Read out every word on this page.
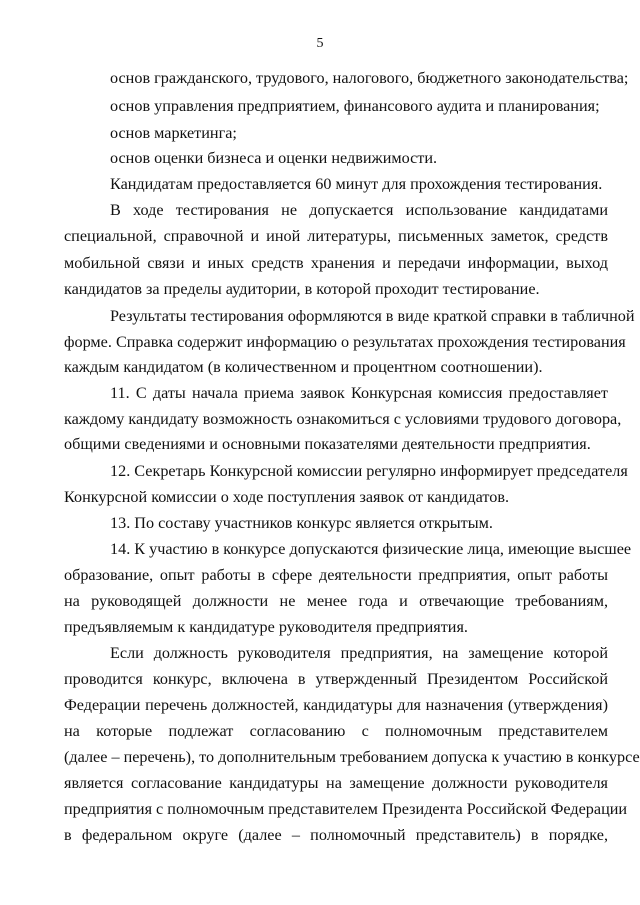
5
основ гражданского, трудового, налогового, бюджетного законодательства;
основ управления предприятием, финансового аудита и планирования;
основ маркетинга;
основ оценки бизнеса и оценки недвижимости.
Кандидатам предоставляется 60 минут для прохождения тестирования.
В ходе тестирования не допускается использование кандидатами
специальной, справочной и иной литературы, письменных заметок, средств
мобильной связи и иных средств хранения и передачи информации, выход
кандидатов за пределы аудитории, в которой проходит тестирование.
Результаты тестирования оформляются в виде краткой справки в табличной
форме. Справка содержит информацию о результатах прохождения тестирования
каждым кандидатом (в количественном и процентном соотношении).
11. С даты начала приема заявок Конкурсная комиссия предоставляет
каждому кандидату возможность ознакомиться с условиями трудового договора,
общими сведениями и основными показателями деятельности предприятия.
12. Секретарь Конкурсной комиссии регулярно информирует председателя
Конкурсной комиссии о ходе поступления заявок от кандидатов.
13. По составу участников конкурс является открытым.
14. К участию в конкурсе допускаются физические лица, имеющие высшее
образование, опыт работы в сфере деятельности предприятия, опыт работы
на руководящей должности не менее года и отвечающие требованиям,
предъявляемым к кандидатуре руководителя предприятия.
Если должность руководителя предприятия, на замещение которой
проводится конкурс, включена в утвержденный Президентом Российской
Федерации перечень должностей, кандидатуры для назначения (утверждения)
на которые подлежат согласованию с полномочным представителем
(далее – перечень), то дополнительным требованием допуска к участию в конкурсе
является согласование кандидатуры на замещение должности руководителя
предприятия с полномочным представителем Президента Российской Федерации
в федеральном округе (далее – полномочный представитель) в порядке,
